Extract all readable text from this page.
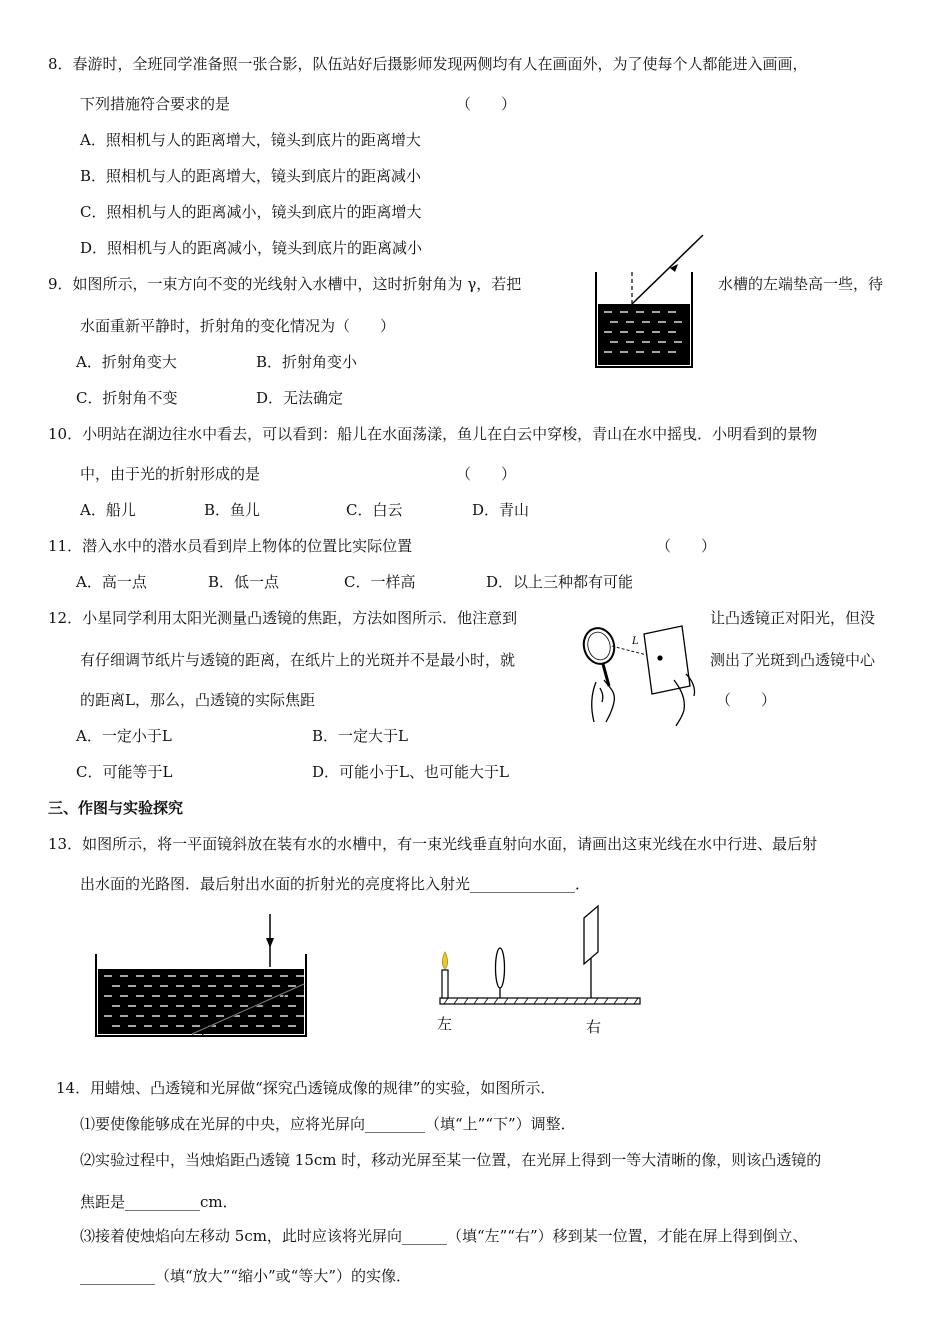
8．春游时，全班同学准备照一张合影，队伍站好后摄影师发现两侧均有人在画面外，为了使每个人都能进入画画，
下列措施符合要求的是	（　　）
A．照相机与人的距离增大，镜头到底片的距离增大
B．照相机与人的距离增大，镜头到底片的距离减小
C．照相机与人的距离减小，镜头到底片的距离增大
D．照相机与人的距离减小，镜头到底片的距离减小
9．如图所示，一束方向不变的光线射入水槽中，这时折射角为 γ，若把	水槽的左端垫高一些，待
水面重新平静时，折射角的变化情况为（　　）
A．折射角变大	B．折射角变小
C．折射角不变	D．无法确定
10．小明站在湖边往水中看去，可以看到：船儿在水面荡漾，鱼儿在白云中穿梭，青山在水中摇曳．小明看到的景物
中，由于光的折射形成的是	（　　）
A．船儿	B．鱼儿	C．白云	D．青山
11．潜入水中的潜水员看到岸上物体的位置比实际位置	（　　）
A．高一点	B．低一点	C．一样高	D．以上三种都有可能
12．小星同学利用太阳光测量凸透镜的焦距，方法如图所示．他注意到	让凸透镜正对阳光，但没
有仔细调节纸片与透镜的距离，在纸片上的光斑并不是最小时，就	测出了光斑到凸透镜中心
的距离L，那么，凸透镜的实际焦距	（　　）
A．一定小于L	B．一定大于L
C．可能等于L	D．可能小于L、也可能大于L
L
三、作图与实验探究
13．如图所示，将一平面镜斜放在装有水的水槽中，有一束光线垂直射向水面，请画出这束光线在水中行进、最后射
出水面的光路图．最后射出水面的折射光的亮度将比入射光______________．
左	右
14．用蜡烛、凸透镜和光屏做“探究凸透镜成像的规律”的实验，如图所示．
⑴要使像能够成在光屏的中央，应将光屏向________（填“上”“下”）调整．
⑵实验过程中，当烛焰距凸透镜 15cm 时，移动光屏至某一位置，在光屏上得到一等大清晰的像，则该凸透镜的
焦距是__________cm．
⑶接着使烛焰向左移动 5cm，此时应该将光屏向______（填“左”“右”）移到某一位置，才能在屏上得到倒立、
__________（填“放大”“缩小”或“等大”）的实像．
